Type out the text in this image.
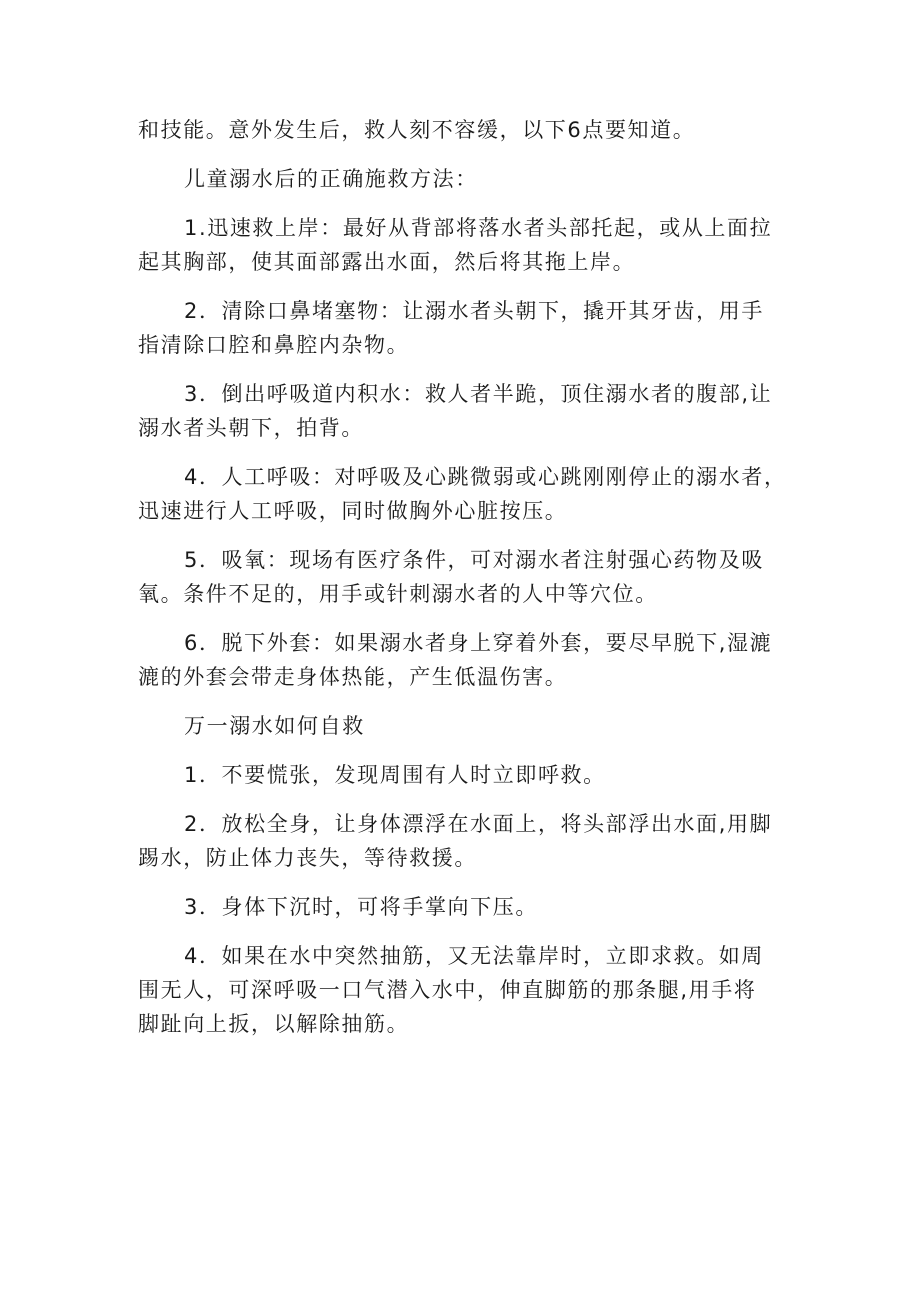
和技能。意外发生后，救人刻不容缓，以下6点要知道。

儿童溺水后的正确施救方法：

1.迅速救上岸：最好从背部将落水者头部托起，或从上面拉

起其胸部，使其面部露出水面，然后将其拖上岸。

2．清除口鼻堵塞物：让溺水者头朝下，撬开其牙齿，用手

指清除口腔和鼻腔内杂物。

3．倒出呼吸道内积水：救人者半跪，顶住溺水者的腹部,让

溺水者头朝下，拍背。

4．人工呼吸：对呼吸及心跳微弱或心跳刚刚停止的溺水者，

迅速进行人工呼吸，同时做胸外心脏按压。

5．吸氧：现场有医疗条件，可对溺水者注射强心药物及吸

氧。条件不足的，用手或针刺溺水者的人中等穴位。

6．脱下外套：如果溺水者身上穿着外套，要尽早脱下,湿漉

漉的外套会带走身体热能，产生低温伤害。

万一溺水如何自救

1．不要慌张，发现周围有人时立即呼救。

2．放松全身，让身体漂浮在水面上，将头部浮出水面,用脚

踢水，防止体力丧失，等待救援。

3．身体下沉时，可将手掌向下压。

4．如果在水中突然抽筋，又无法靠岸时，立即求救。如周

围无人，可深呼吸一口气潜入水中，伸直脚筋的那条腿,用手将

脚趾向上扳，以解除抽筋。
